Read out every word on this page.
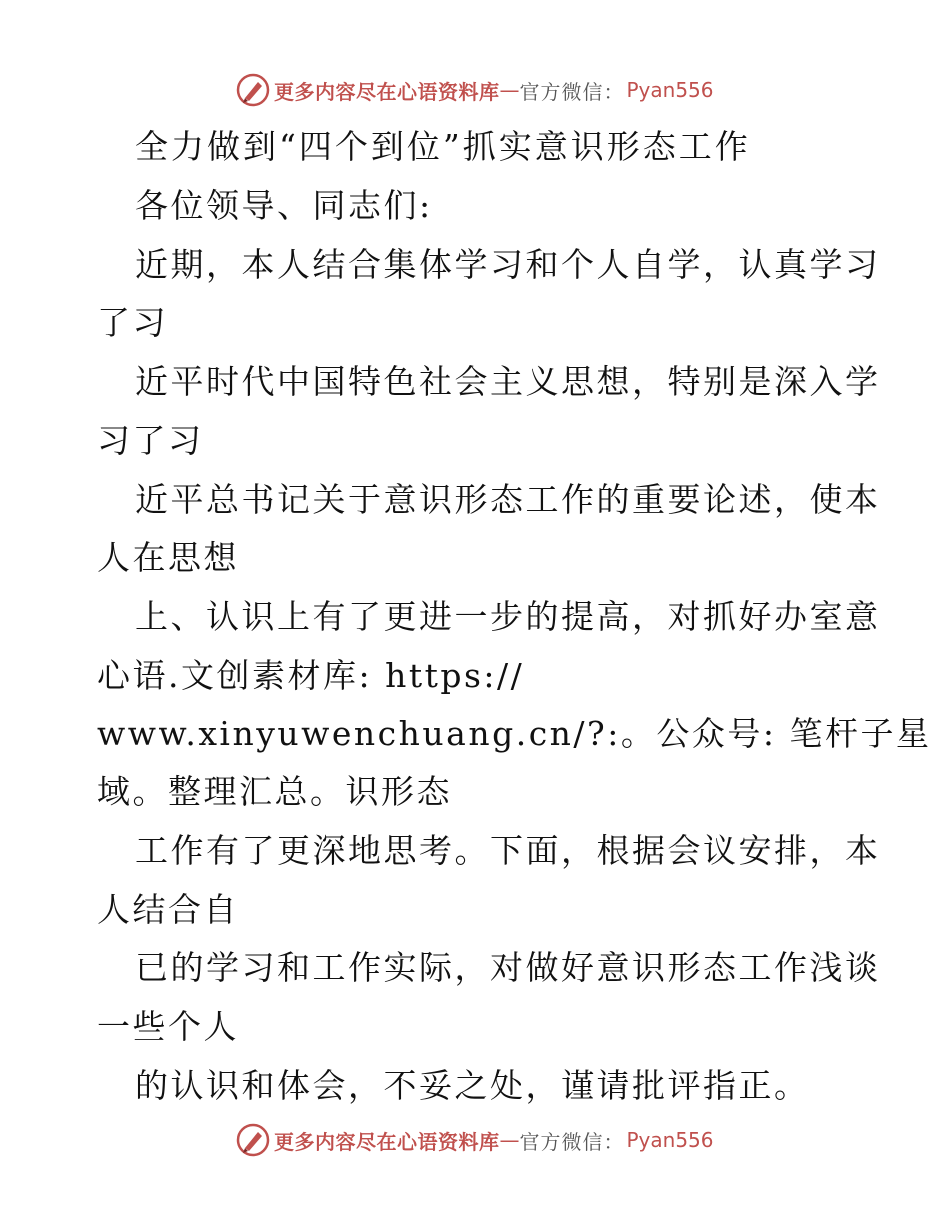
更多内容尽在心语资料库 — 官方微信： Pyan556
全力做到“四个到位”抓实意识形态工作
各位领导、同志们:
近期，本人结合集体学习和个人自学，认真学习
了习
近平时代中国特色社会主义思想，特别是深入学
习了习
近平总书记关于意识形态工作的重要论述，使本
人在思想
上、认识上有了更进一步的提高，对抓好办室意
心语.文创素材库: https://
www.xinyuwenchuang.cn/?:。公众号: 笔杆子星
域。整理汇总。识形态
工作有了更深地思考。下面，根据会议安排，本
人结合自
已的学习和工作实际，对做好意识形态工作浅谈
一些个人
的认识和体会，不妥之处，谨请批评指正。
更多内容尽在心语资料库 — 官方微信： Pyan556
